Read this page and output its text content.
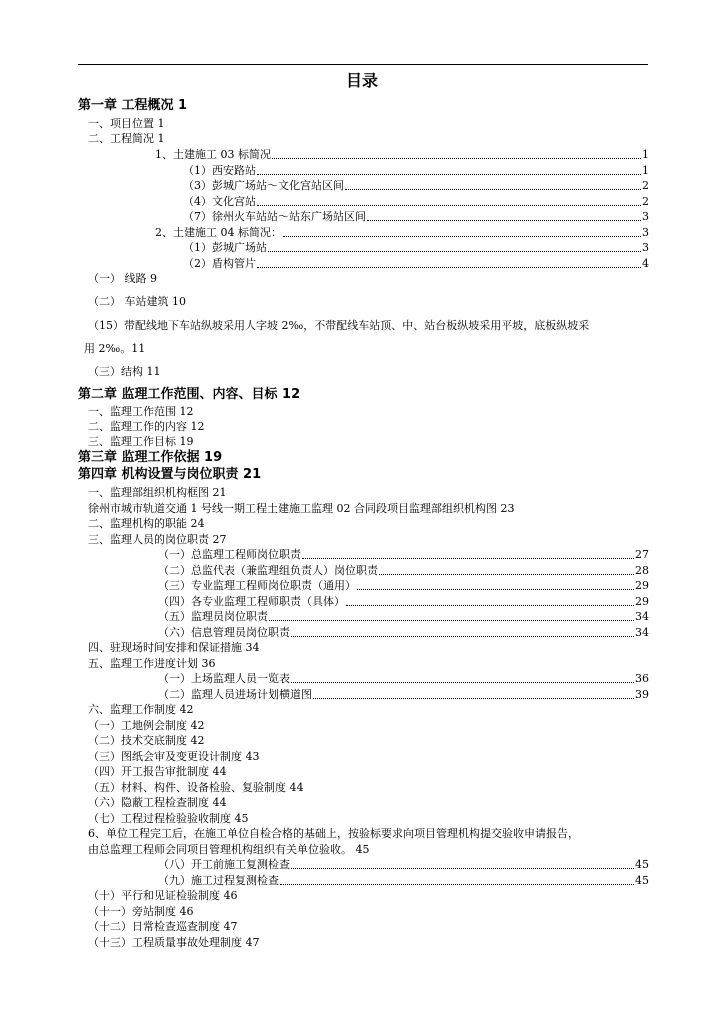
目录
第一章 工程概况 1
一、项目位置 1
二、工程简况 1
1、土建施工 03 标简况	1
（1）西安路站	1
（3）彭城广场站～文化宫站区间	2
（4）文化宫站	2
（7）徐州火车站站～站东广场站区间	3
2、土建施工 04 标简况：	3
（1）彭城广场站	3
（2）盾构管片	4
（一） 线路 9
（二） 车站建筑 10
（15）带配线地下车站纵坡采用人字坡 2‰，不带配线车站顶、中、站台板纵坡采用平坡，底板纵坡采
用 2‰。11
（三）结构 11
第二章 监理工作范围、内容、目标 12
一、监理工作范围 12
二、监理工作的内容 12
三、监理工作目标 19
第三章 监理工作依据 19
第四章 机构设置与岗位职责 21
一、监理部组织机构框图 21
徐州市城市轨道交通 1 号线一期工程土建施工监理 02 合同段项目监理部组织机构图 23
二、监理机构的职能 24
三、监理人员的岗位职责 27
（一）总监理工程师岗位职责	27
（二）总监代表（兼监理组负责人）岗位职责	28
（三）专业监理工程师岗位职责（通用）	29
（四）各专业监理工程师职责（具体）	29
（五）监理员岗位职责	34
（六）信息管理员岗位职责	34
四、驻现场时间安排和保证措施 34
五、监理工作进度计划 36
（一）上场监理人员一览表	36
（二）监理人员进场计划横道图	39
六、监理工作制度 42
（一）工地例会制度 42
（二）技术交底制度 42
（三）图纸会审及变更设计制度 43
（四）开工报告审批制度 44
（五）材料、构件、设备检验、复验制度 44
（六）隐蔽工程检查制度 44
（七）工程过程检验验收制度 45
6、单位工程完工后，在施工单位自检合格的基础上，按验标要求向项目管理机构提交验收申请报告，
由总监理工程师会同项目管理机构组织有关单位验收。 45
（八）开工前施工复测检查	45
（九）施工过程复测检查	45
（十）平行和见证检验制度 46
（十一）旁站制度 46
（十二）日常检查巡查制度 47
（十三）工程质量事故处理制度 47
